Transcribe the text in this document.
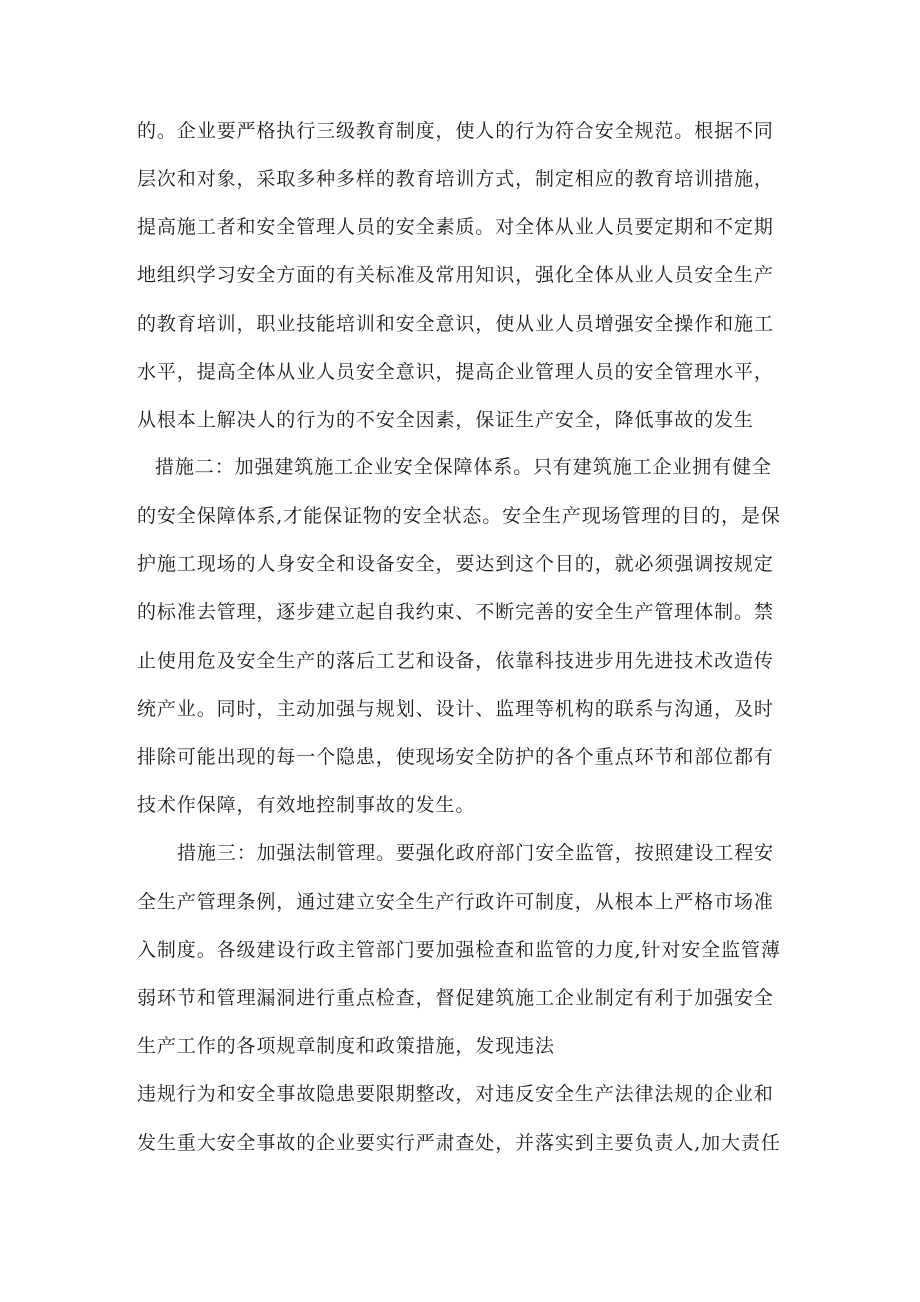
的。企业要严格执行三级教育制度，使人的行为符合安全规范。根据不同
层次和对象，采取多种多样的教育培训方式，制定相应的教育培训措施，
提高施工者和安全管理人员的安全素质。对全体从业人员要定期和不定期
地组织学习安全方面的有关标准及常用知识，强化全体从业人员安全生产
的教育培训，职业技能培训和安全意识，使从业人员增强安全操作和施工
水平，提高全体从业人员安全意识，提高企业管理人员的安全管理水平，
从根本上解决人的行为的不安全因素，保证生产安全，降低事故的发生
措施二：加强建筑施工企业安全保障体系。只有建筑施工企业拥有健全
的安全保障体系,才能保证物的安全状态。安全生产现场管理的目的，是保
护施工现场的人身安全和设备安全，要达到这个目的，就必须强调按规定
的标准去管理，逐步建立起自我约束、不断完善的安全生产管理体制。禁
止使用危及安全生产的落后工艺和设备，依靠科技进步用先进技术改造传
统产业。同时，主动加强与规划、设计、监理等机构的联系与沟通，及时
排除可能出现的每一个隐患，使现场安全防护的各个重点环节和部位都有
技术作保障，有效地控制事故的发生。
措施三：加强法制管理。要强化政府部门安全监管，按照建设工程安
全生产管理条例，通过建立安全生产行政许可制度，从根本上严格市场准
入制度。各级建设行政主管部门要加强检查和监管的力度,针对安全监管薄
弱环节和管理漏洞进行重点检查，督促建筑施工企业制定有利于加强安全
生产工作的各项规章制度和政策措施，发现违法
违规行为和安全事故隐患要限期整改，对违反安全生产法律法规的企业和
发生重大安全事故的企业要实行严肃查处，并落实到主要负责人,加大责任
